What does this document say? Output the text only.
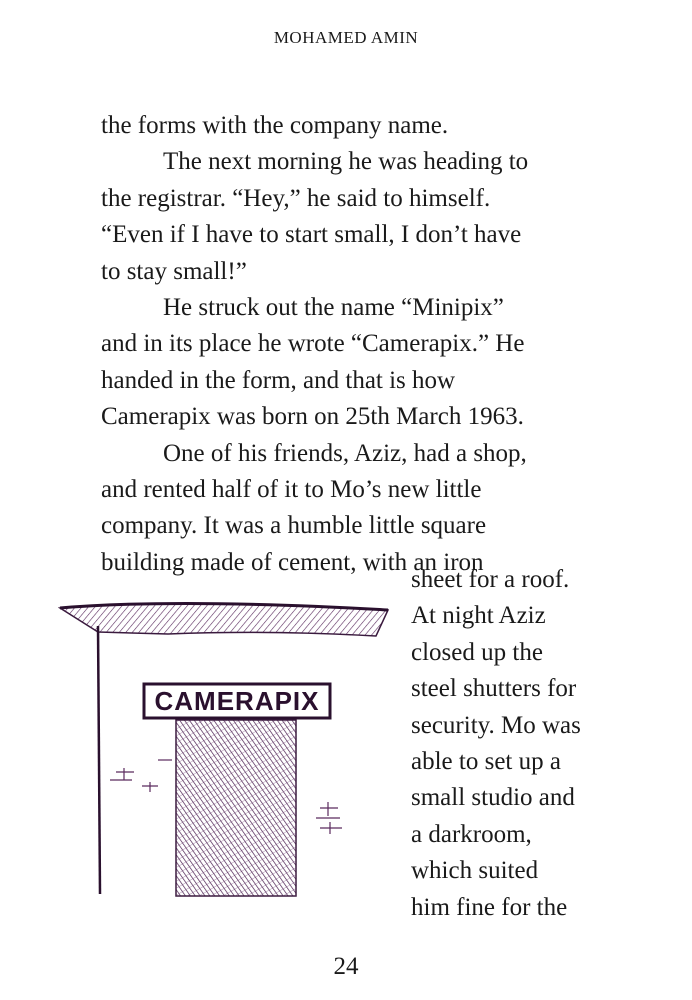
MOHAMED AMIN
the forms with the company name.
The next morning he was heading to
the registrar. “Hey,” he said to himself.
“Even if I have to start small, I don’t have
to stay small!”
He struck out the name “Minipix”
and in its place he wrote “Camerapix.” He
handed in the form, and that is how
Camerapix was born on 25th March 1963.
One of his friends, Aziz, had a shop,
and rented half of it to Mo’s new little
company. It was a humble little square
building made of cement, with an iron
sheet for a roof.
At night Aziz
closed up the
steel shutters for
security. Mo was
able to set up a
small studio and
a darkroom,
which suited
him fine for the
CAMERAPIX
24
